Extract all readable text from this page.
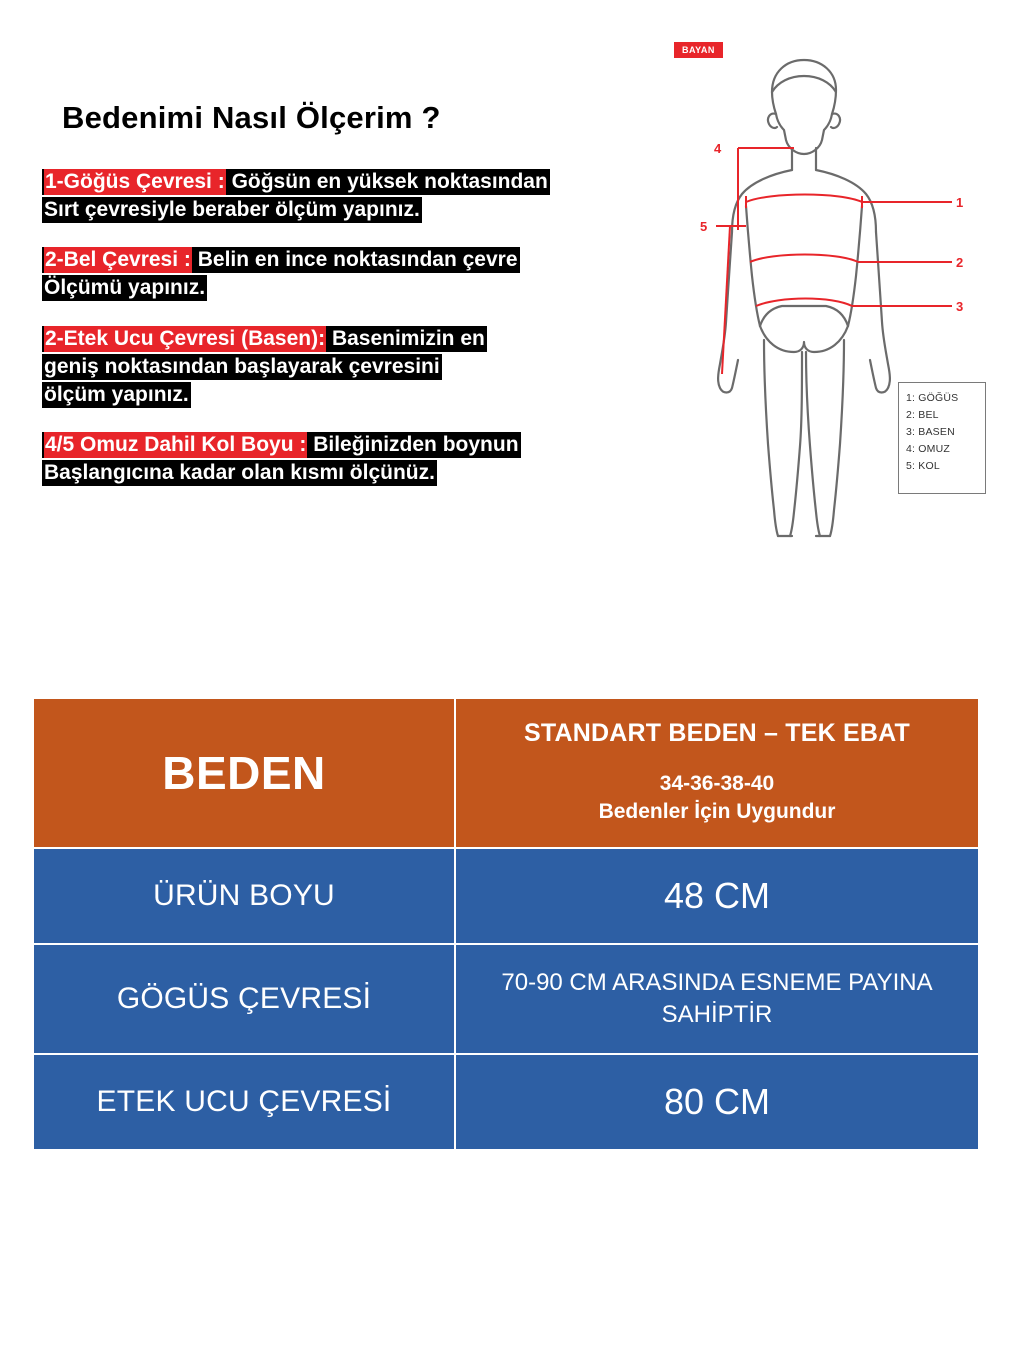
Bedenimi Nasıl Ölçerim ?
1-Göğüs Çevresi : Göğsün en yüksek noktasından
Sırt çevresiyle beraber ölçüm yapınız.
2-Bel Çevresi : Belin en ince noktasından çevre
Ölçümü yapınız.
2-Etek Ucu Çevresi (Basen): Basenimizin en
geniş noktasından başlayarak çevresini
ölçüm yapınız.
4/5 Omuz Dahil Kol Boyu : Bileğinizden boynun
Başlangıcına kadar olan kısmı ölçünüz.
BAYAN
1
2
3
4
5
1: GÖĞÜS
2: BEL
3: BASEN
4: OMUZ
5: KOL
BEDEN	STANDART BEDEN – TEK EBAT
34-36-38-40
Bedenler İçin Uygundur

ÜRÜN BOYU	48 CM
GÖGÜS ÇEVRESİ	70-90 CM ARASINDA ESNEME PAYINA SAHİPTİR
ETEK UCU ÇEVRESİ	80 CM
